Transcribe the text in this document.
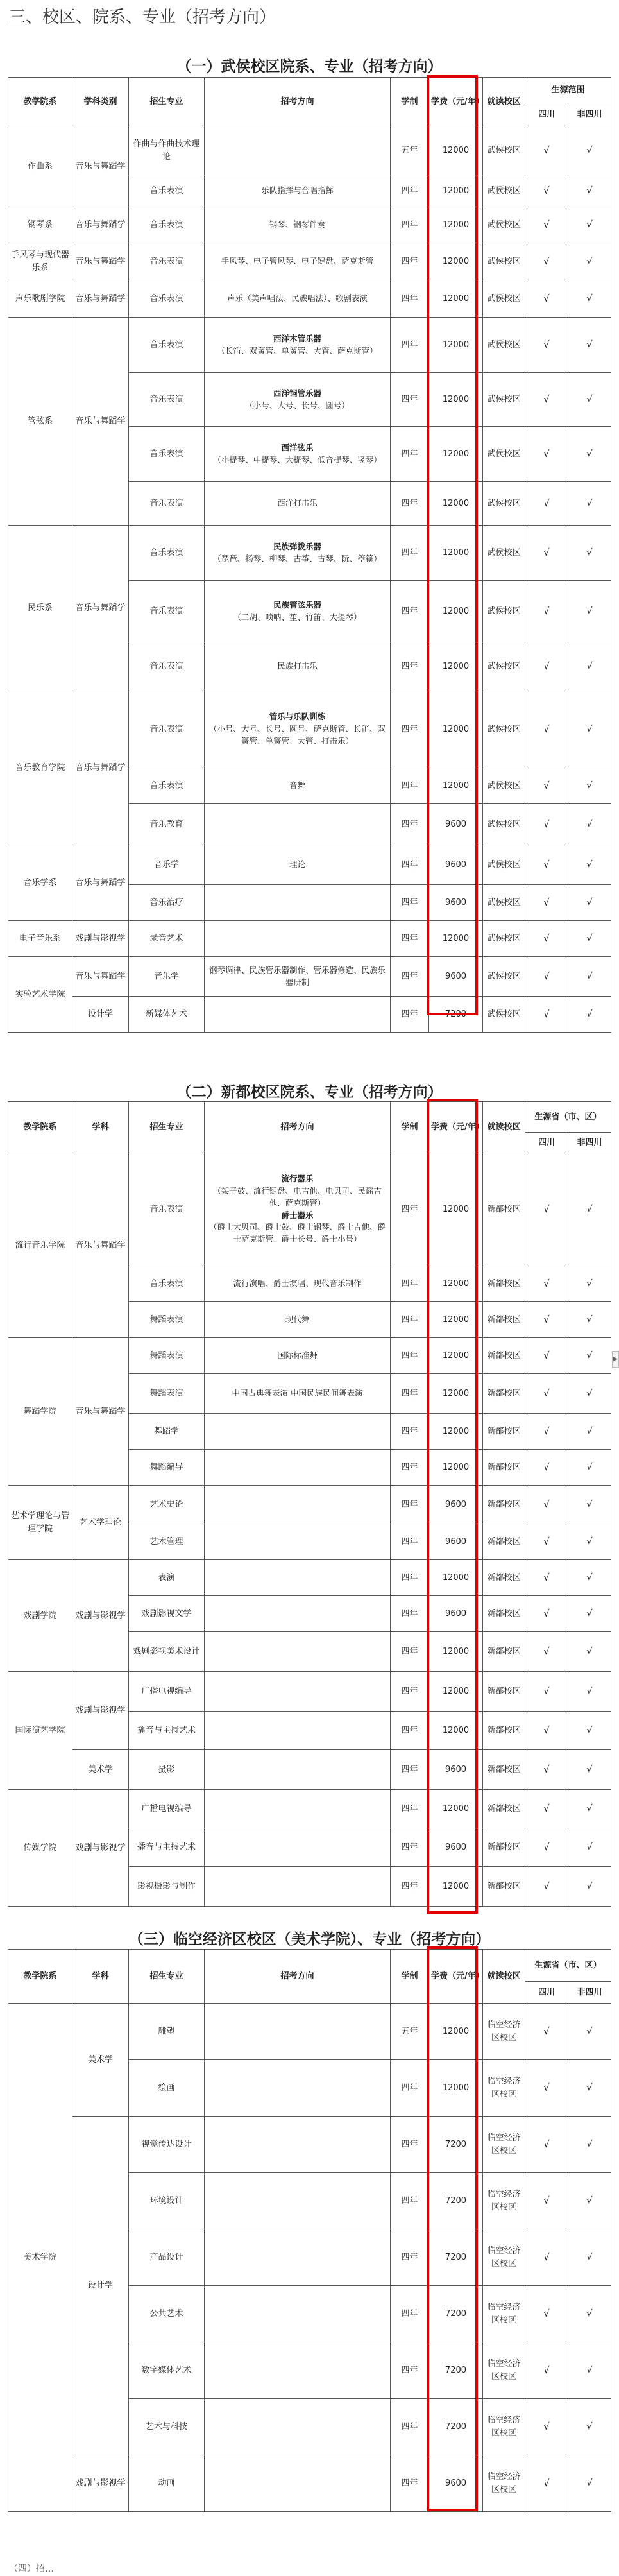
三、校区、院系、专业（招考方向）
（一）武侯校区院系、专业（招考方向）
教学院系	学科类别	招生专业	招考方向	学制	学费（元/年）	就读校区	生源范围	
							四川	非四川
作曲系	音乐与舞蹈学	作曲与作曲技术理论		五年	12000	武侯校区	√	√
		音乐表演	乐队指挥与合唱指挥	四年	12000	武侯校区	√	√
钢琴系	音乐与舞蹈学	音乐表演	钢琴、钢琴伴奏	四年	12000	武侯校区	√	√
手风琴与现代器乐系	音乐与舞蹈学	音乐表演	手风琴、电子管风琴、电子键盘、萨克斯管	四年	12000	武侯校区	√	√
声乐歌剧学院	音乐与舞蹈学	音乐表演	声乐（美声唱法、民族唱法）、歌剧表演	四年	12000	武侯校区	√	√
管弦系	音乐与舞蹈学	音乐表演	西洋木管乐器
（长笛、双簧管、单簧管、大管、萨克斯管）	四年	12000	武侯校区	√	√
		音乐表演	西洋铜管乐器
（小号、大号、长号、圆号）	四年	12000	武侯校区	√	√
		音乐表演	西洋弦乐
（小提琴、中提琴、大提琴、低音提琴、竖琴）	四年	12000	武侯校区	√	√
		音乐表演	西洋打击乐	四年	12000	武侯校区	√	√
民乐系	音乐与舞蹈学	音乐表演	民族弹拨乐器
（琵琶、扬琴、柳琴、古筝、古琴、阮、箜篌）	四年	12000	武侯校区	√	√
		音乐表演	民族管弦乐器
（二胡、唢呐、笙、竹笛、大提琴）	四年	12000	武侯校区	√	√
		音乐表演	民族打击乐	四年	12000	武侯校区	√	√
音乐教育学院	音乐与舞蹈学	音乐表演	管乐与乐队训练
（小号、大号、长号、圆号、萨克斯管、长笛、双簧管、单簧管、大管、打击乐）	四年	12000	武侯校区	√	√
		音乐表演	音舞	四年	12000	武侯校区	√	√
		音乐教育		四年	9600	武侯校区	√	√
音乐学系	音乐与舞蹈学	音乐学	理论	四年	9600	武侯校区	√	√
		音乐治疗		四年	9600	武侯校区	√	√
电子音乐系	戏剧与影视学	录音艺术		四年	12000	武侯校区	√	√
实验艺术学院	音乐与舞蹈学	音乐学	钢琴调律、民族管乐器制作、管乐器修造、民族乐器研制	四年	9600	武侯校区	√	√
	设计学	新媒体艺术		四年	7200	武侯校区	√	√
（二）新都校区院系、专业（招考方向）
教学院系	学科	招生专业	招考方向	学制	学费（元/年）	就读校区	生源省（市、区）	
							四川	非四川
流行音乐学院	音乐与舞蹈学	音乐表演	流行器乐
（架子鼓、流行键盘、电吉他、电贝司、民谣吉他、萨克斯管）
爵士器乐
（爵士大贝司、爵士鼓、爵士钢琴、爵士吉他、爵士萨克斯管、爵士长号、爵士小号）	四年	12000	新都校区	√	√
		音乐表演	流行演唱、爵士演唱、现代音乐制作	四年	12000	新都校区	√	√
		舞蹈表演	现代舞	四年	12000	新都校区	√	√
舞蹈学院	音乐与舞蹈学	舞蹈表演	国际标准舞	四年	12000	新都校区	√	√
		舞蹈表演	中国古典舞表演 中国民族民间舞表演	四年	12000	新都校区	√	√
		舞蹈学		四年	12000	新都校区	√	√
		舞蹈编导		四年	12000	新都校区	√	√
艺术学理论与管理学院	艺术学理论	艺术史论		四年	9600	新都校区	√	√
		艺术管理		四年	9600	新都校区	√	√
戏剧学院	戏剧与影视学	表演		四年	12000	新都校区	√	√
		戏剧影视文学		四年	9600	新都校区	√	√
		戏剧影视美术设计		四年	12000	新都校区	√	√
国际演艺学院	戏剧与影视学	广播电视编导		四年	12000	新都校区	√	√
		播音与主持艺术		四年	12000	新都校区	√	√
	美术学	摄影		四年	9600	新都校区	√	√
传媒学院	戏剧与影视学	广播电视编导		四年	12000	新都校区	√	√
		播音与主持艺术		四年	9600	新都校区	√	√
		影视摄影与制作		四年	12000	新都校区	√	√
（三）临空经济区校区（美术学院）、专业（招考方向）
教学院系	学科	招生专业	招考方向	学制	学费（元/年）	就读校区	生源省（市、区）	
							四川	非四川
美术学院	美术学	雕塑		五年	12000	临空经济区校区	√	√
		绘画		四年	12000	临空经济区校区	√	√
	设计学	视觉传达设计		四年	7200	临空经济区校区	√	√
		环境设计		四年	7200	临空经济区校区	√	√
		产品设计		四年	7200	临空经济区校区	√	√
		公共艺术		四年	7200	临空经济区校区	√	√
		数字媒体艺术		四年	7200	临空经济区校区	√	√
		艺术与科技		四年	7200	临空经济区校区	√	√
	戏剧与影视学	动画		四年	9600	临空经济区校区	√	√
▶
（四）招…
